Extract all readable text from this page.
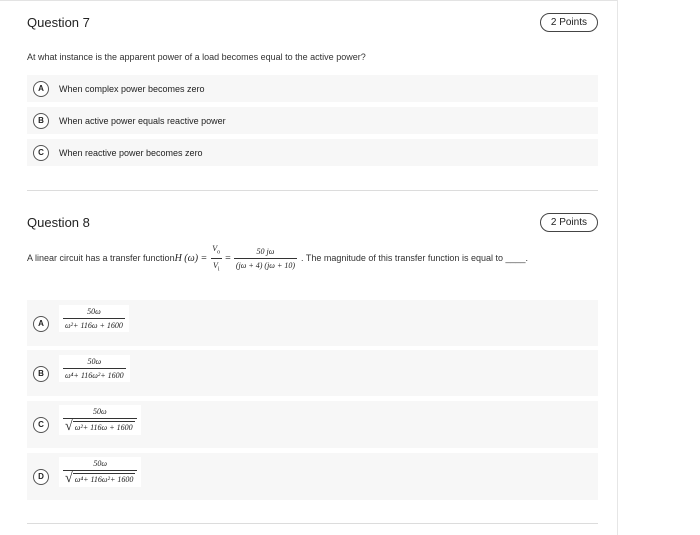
Question 7	2 Points
At what instance is the apparent power of a load becomes equal to the active power?
A	When complex power becomes zero
B	When active power equals reactive power
C	When reactive power becomes zero
Question 8	2 Points
A linear circuit has a transfer function H $(\omega) = \frac{V_o}{V_i} = \frac{50 j\omega}{(j\omega + 4) (j\omega + 10)}$ . The magnitude of this transfer function is equal to ____.
A	$\frac{50\omega}{\text{ω²+ 116ω + 1600}}$
B	$\frac{50\omega}{\text{ω⁴+ 116ω²+ 1600}}$
C	$\frac{50\omega}{\text{√ ω²+ 116ω + 1600}}$
D	$\frac{50\omega}{\text{√ ω⁴+ 116ω²+ 1600}}$
